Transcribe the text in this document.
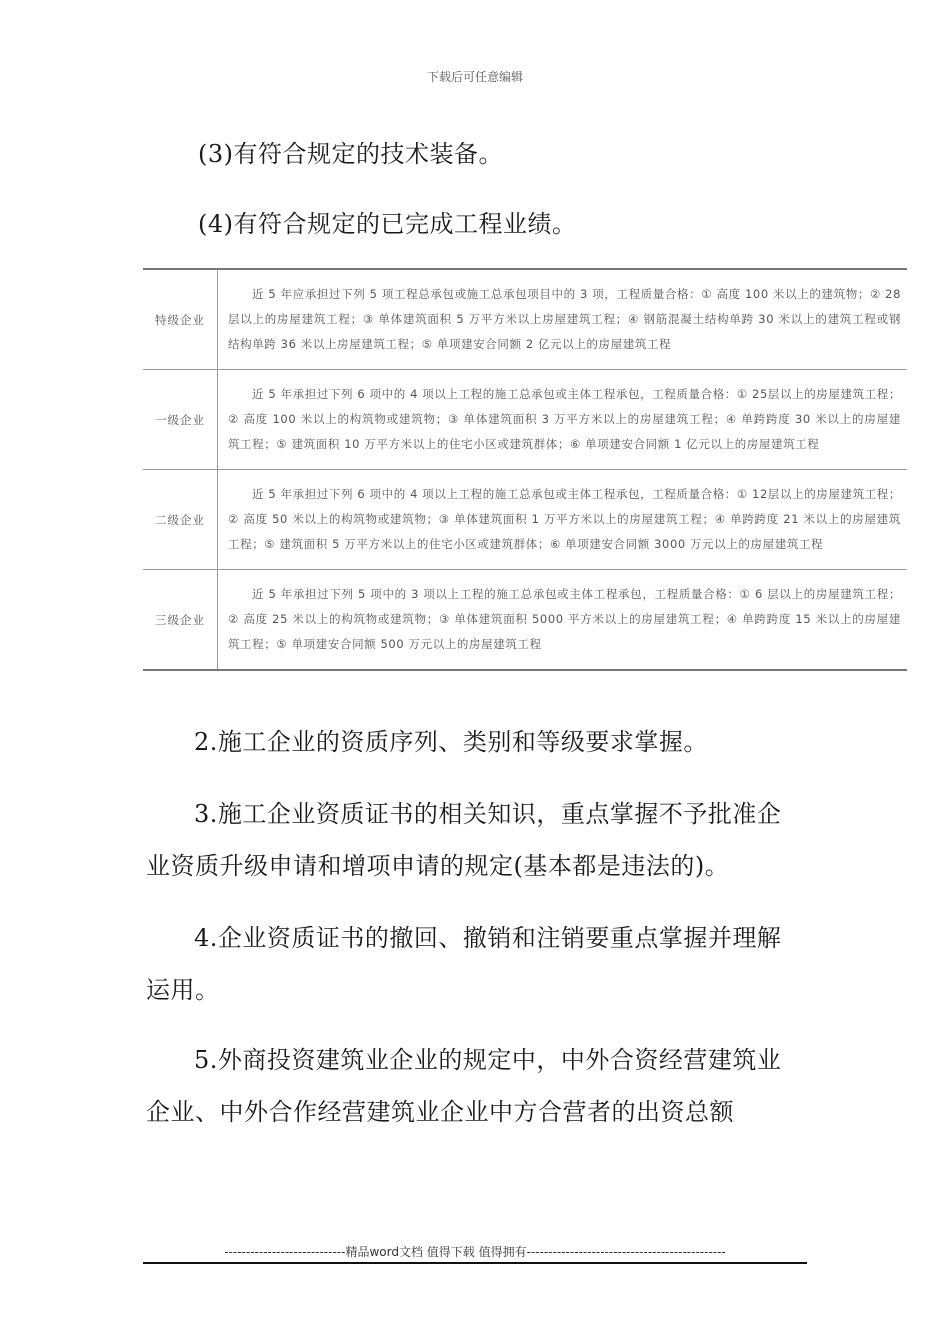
下载后可任意编辑

(3)有符合规定的技术装备。

(4)有符合规定的已完成工程业绩。

特级企业	近 5 年应承担过下列 5 项工程总承包或施工总承包项目中的 3 项，工程质量合格：① 高度 100 米以上的建筑物；② 28 层以上的房屋建筑工程；③ 单体建筑面积 5 万平方米以上房屋建筑工程；④ 钢筋混凝土结构单跨 30 米以上的建筑工程或钢结构单跨 36 米以上房屋建筑工程；⑤ 单项建安合同额 2 亿元以上的房屋建筑工程
一级企业	近 5 年承担过下列 6 项中的 4 项以上工程的施工总承包或主体工程承包，工程质量合格：① 25层以上的房屋建筑工程；② 高度 100 米以上的构筑物或建筑物；③ 单体建筑面积 3 万平方米以上的房屋建筑工程；④ 单跨跨度 30 米以上的房屋建筑工程；⑤ 建筑面积 10 万平方米以上的住宅小区或建筑群体；⑥ 单项建安合同额 1 亿元以上的房屋建筑工程
二级企业	近 5 年承担过下列 6 项中的 4 项以上工程的施工总承包或主体工程承包，工程质量合格：① 12层以上的房屋建筑工程；② 高度 50 米以上的构筑物或建筑物；③ 单体建筑面积 1 万平方米以上的房屋建筑工程；④ 单跨跨度 21 米以上的房屋建筑工程；⑤ 建筑面积 5 万平方米以上的住宅小区或建筑群体；⑥ 单项建安合同额 3000 万元以上的房屋建筑工程
三级企业	近 5 年承担过下列 5 项中的 3 项以上工程的施工总承包或主体工程承包，工程质量合格：① 6 层以上的房屋建筑工程；② 高度 25 米以上的构筑物或建筑物；③ 单体建筑面积 5000 平方米以上的房屋建筑工程；④ 单跨跨度 15 米以上的房屋建筑工程；⑤ 单项建安合同额 500 万元以上的房屋建筑工程

2.施工企业的资质序列、类别和等级要求掌握。

3.施工企业资质证书的相关知识，重点掌握不予批准企业资质升级申请和增项申请的规定(基本都是违法的)。

4.企业资质证书的撤回、撤销和注销要重点掌握并理解运用。

5.外商投资建筑业企业的规定中，中外合资经营建筑业企业、中外合作经营建筑业企业中方合营者的出资总额

----------------------------精品word文档 值得下载 值得拥有----------------------------------------------
